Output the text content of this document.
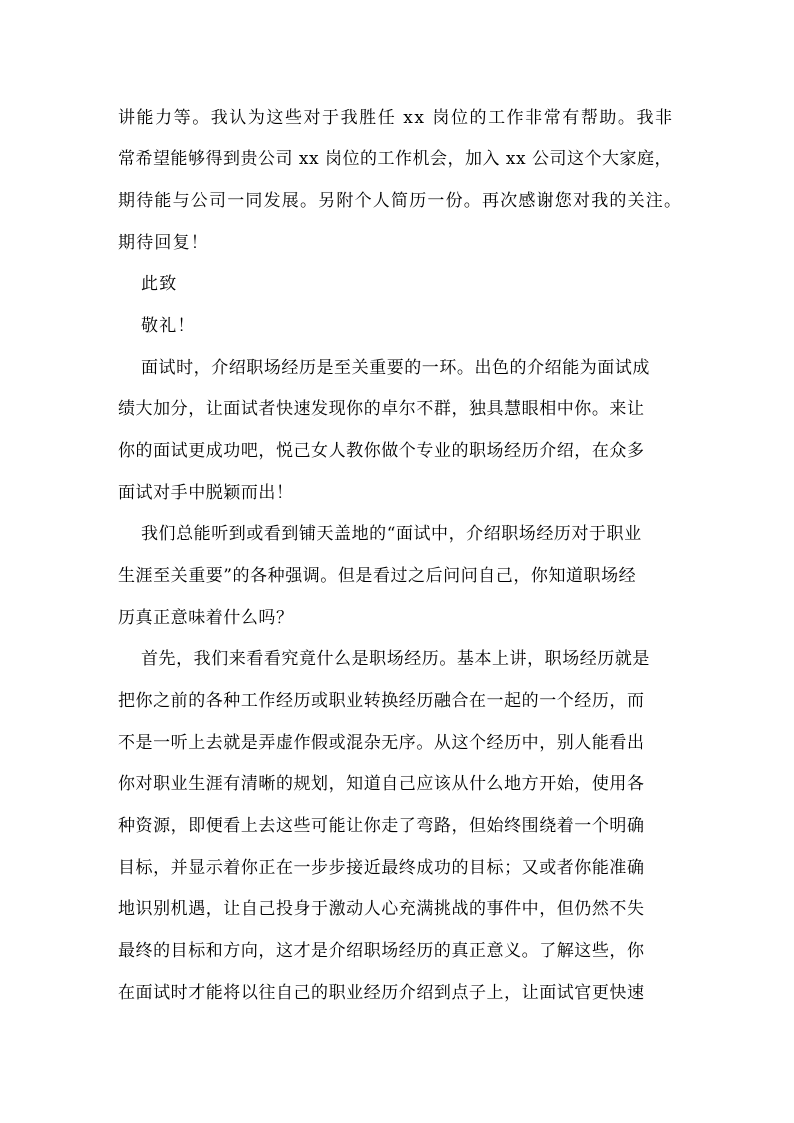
讲能力等。我认为这些对于我胜任 xx 岗位的工作非常有帮助。我非
常希望能够得到贵公司 xx 岗位的工作机会，加入 xx 公司这个大家庭，
期待能与公司一同发展。另附个人简历一份。再次感谢您对我的关注。
期待回复！
此致
敬礼！
面试时，介绍职场经历是至关重要的一环。出色的介绍能为面试成
绩大加分，让面试者快速发现你的卓尔不群，独具慧眼相中你。来让
你的面试更成功吧，悦己女人教你做个专业的职场经历介绍，在众多
面试对手中脱颖而出！
我们总能听到或看到铺天盖地的“面试中，介绍职场经历对于职业
生涯至关重要”的各种强调。但是看过之后问问自己，你知道职场经
历真正意味着什么吗？
首先，我们来看看究竟什么是职场经历。基本上讲，职场经历就是
把你之前的各种工作经历或职业转换经历融合在一起的一个经历，而
不是一听上去就是弄虚作假或混杂无序。从这个经历中，别人能看出
你对职业生涯有清晰的规划，知道自己应该从什么地方开始，使用各
种资源，即便看上去这些可能让你走了弯路，但始终围绕着一个明确
目标，并显示着你正在一步步接近最终成功的目标；又或者你能准确
地识别机遇，让自己投身于激动人心充满挑战的事件中，但仍然不失
最终的目标和方向，这才是介绍职场经历的真正意义。了解这些，你
在面试时才能将以往自己的职业经历介绍到点子上，让面试官更快速
